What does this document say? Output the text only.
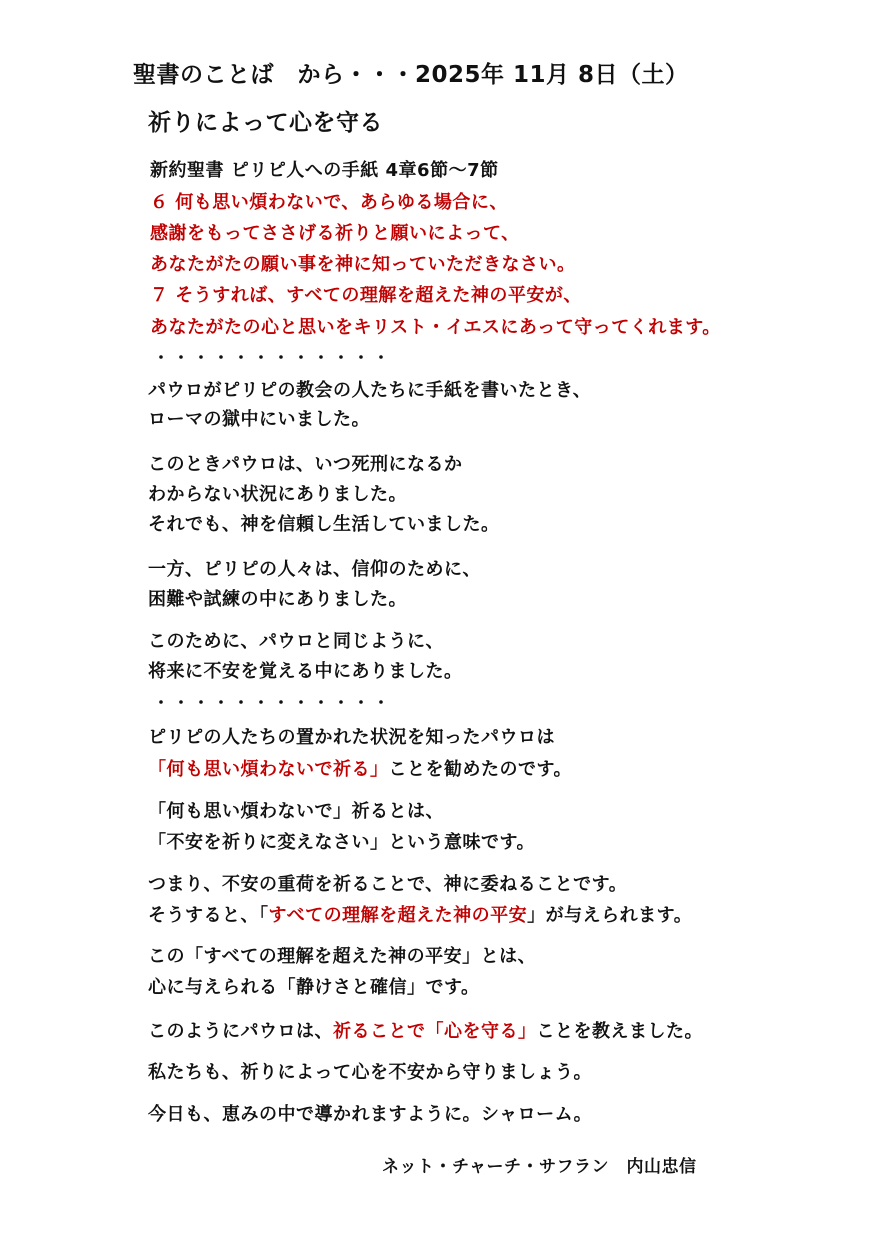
聖書のことば　から・・・2025年 11月 8日（土）
祈りによって心を守る
新約聖書 ピリピ人への手紙 4章6節～7節
６ 何も思い煩わないで、あらゆる場合に、
感謝をもってささげる祈りと願いによって、
あなたがたの願い事を神に知っていただきなさい。
７ そうすれば、すべての理解を超えた神の平安が、
あなたがたの心と思いをキリスト・イエスにあって守ってくれます。
・・・・・・・・・・・・
パウロがピリピの教会の人たちに手紙を書いたとき、
ローマの獄中にいました。
このときパウロは、いつ死刑になるか
わからない状況にありました。
それでも、神を信頼し生活していました。
一方、ピリピの人々は、信仰のために、
困難や試練の中にありました。
このために、パウロと同じように、
将来に不安を覚える中にありました。
・・・・・・・・・・・・
ピリピの人たちの置かれた状況を知ったパウロは
「何も思い煩わないで祈る」ことを勧めたのです。
「何も思い煩わないで」祈るとは、
「不安を祈りに変えなさい」という意味です。
つまり、不安の重荷を祈ることで、神に委ねることです。
そうすると、「すべての理解を超えた神の平安」が与えられます。
この「すべての理解を超えた神の平安」とは、
心に与えられる「静けさと確信」です。
このようにパウロは、祈ることで「心を守る」ことを教えました。
私たちも、祈りによって心を不安から守りましょう。
今日も、恵みの中で導かれますように。シャローム。
ネット・チャーチ・サフラン　内山忠信
